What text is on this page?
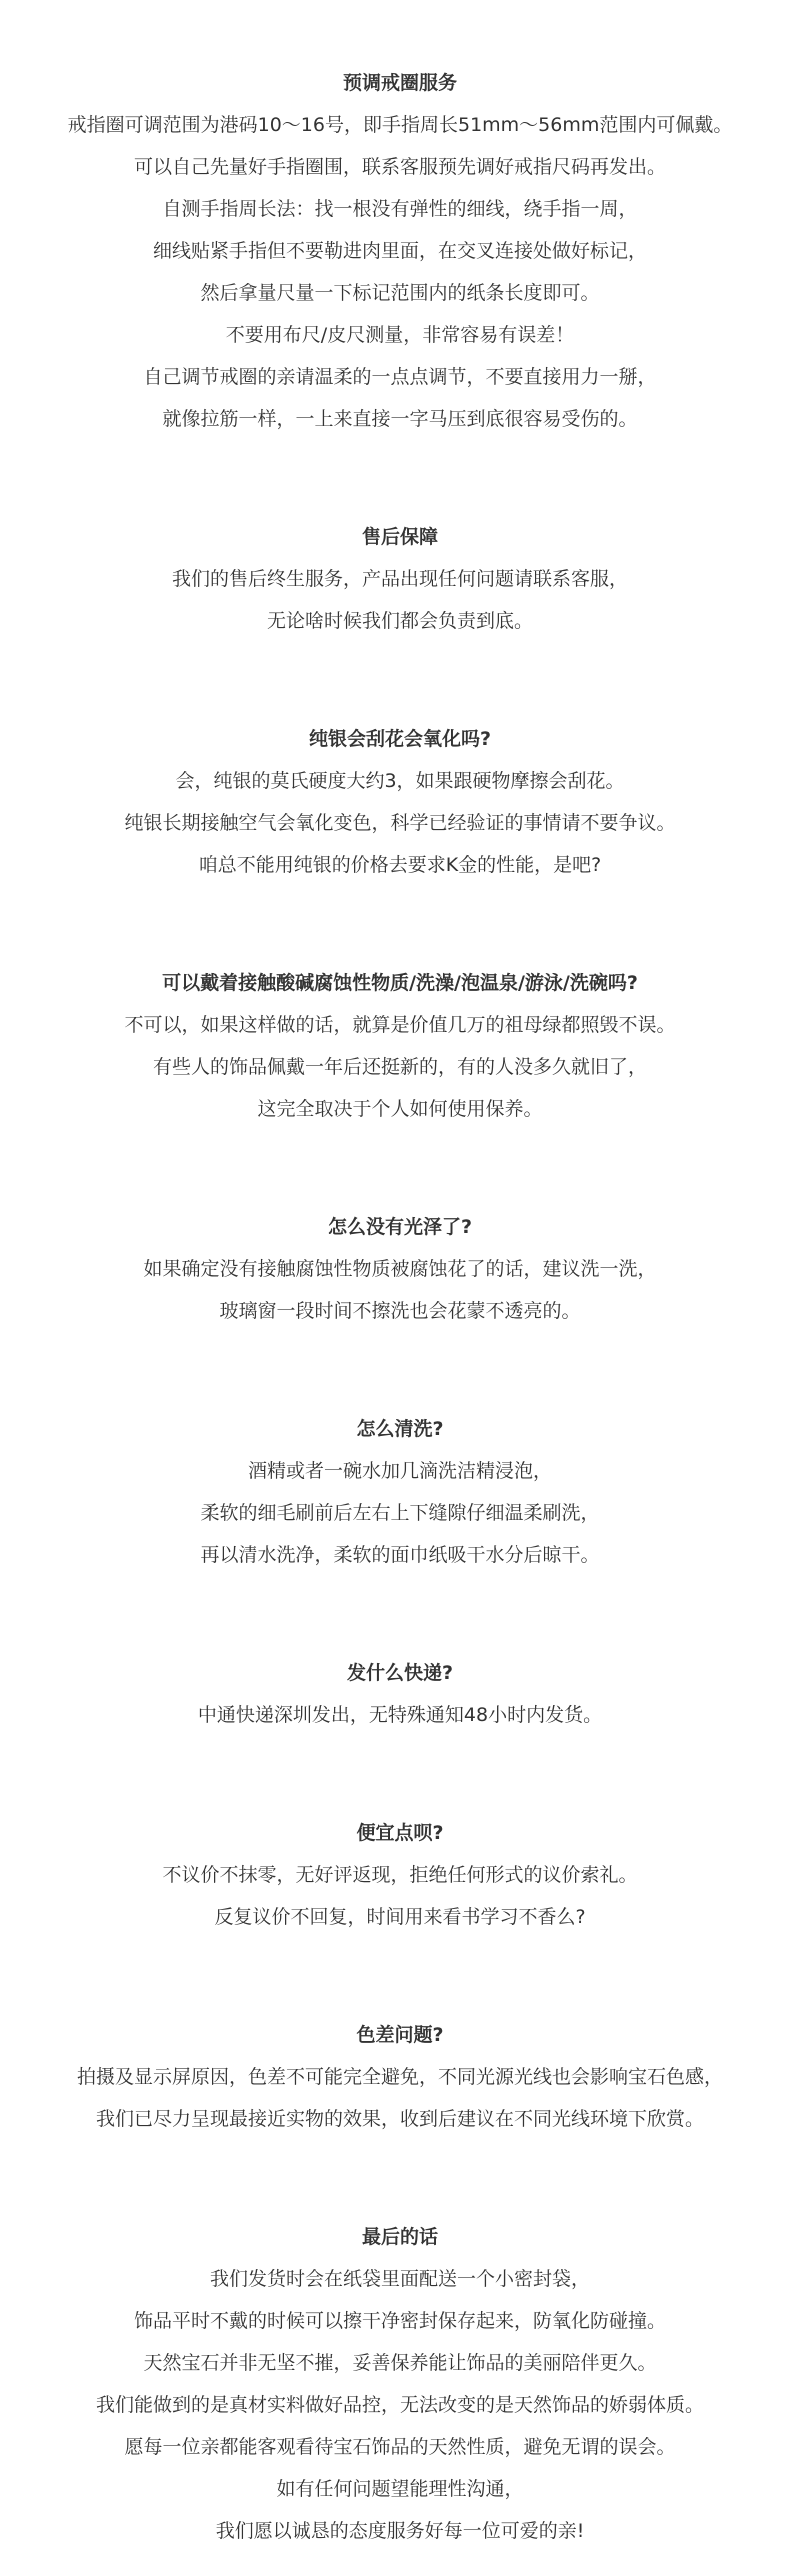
预调戒圈服务

戒指圈可调范围为港码10～16号，即手指周长51mm～56mm范围内可佩戴。

可以自己先量好手指圈围，联系客服预先调好戒指尺码再发出。

自测手指周长法：找一根没有弹性的细线，绕手指一周，

细线贴紧手指但不要勒进肉里面，在交叉连接处做好标记，

然后拿量尺量一下标记范围内的纸条长度即可。

不要用布尺/皮尺测量，非常容易有误差！

自己调节戒圈的亲请温柔的一点点调节，不要直接用力一掰，

就像拉筋一样，一上来直接一字马压到底很容易受伤的。

售后保障

我们的售后终生服务，产品出现任何问题请联系客服，

无论啥时候我们都会负责到底。

纯银会刮花会氧化吗?

会，纯银的莫氏硬度大约3，如果跟硬物摩擦会刮花。

纯银长期接触空气会氧化变色，科学已经验证的事情请不要争议。

咱总不能用纯银的价格去要求K金的性能，是吧?

可以戴着接触酸碱腐蚀性物质/洗澡/泡温泉/游泳/洗碗吗?

不可以，如果这样做的话，就算是价值几万的祖母绿都照毁不误。

有些人的饰品佩戴一年后还挺新的，有的人没多久就旧了，

这完全取决于个人如何使用保养。

怎么没有光泽了?

如果确定没有接触腐蚀性物质被腐蚀花了的话，建议洗一洗，

玻璃窗一段时间不擦洗也会花蒙不透亮的。

怎么清洗?

酒精或者一碗水加几滴洗洁精浸泡，

柔软的细毛刷前后左右上下缝隙仔细温柔刷洗，

再以清水洗净，柔软的面巾纸吸干水分后晾干。

发什么快递?

中通快递深圳发出，无特殊通知48小时内发货。

便宜点呗?

不议价不抹零，无好评返现，拒绝任何形式的议价索礼。

反复议价不回复，时间用来看书学习不香么?

色差问题?

拍摄及显示屏原因，色差不可能完全避免，不同光源光线也会影响宝石色感，

我们已尽力呈现最接近实物的效果，收到后建议在不同光线环境下欣赏。

最后的话

我们发货时会在纸袋里面配送一个小密封袋，

饰品平时不戴的时候可以擦干净密封保存起来，防氧化防碰撞。

天然宝石并非无坚不摧，妥善保养能让饰品的美丽陪伴更久。

我们能做到的是真材实料做好品控，无法改变的是天然饰品的娇弱体质。

愿每一位亲都能客观看待宝石饰品的天然性质，避免无谓的误会。

如有任何问题望能理性沟通，

我们愿以诚恳的态度服务好每一位可爱的亲!
